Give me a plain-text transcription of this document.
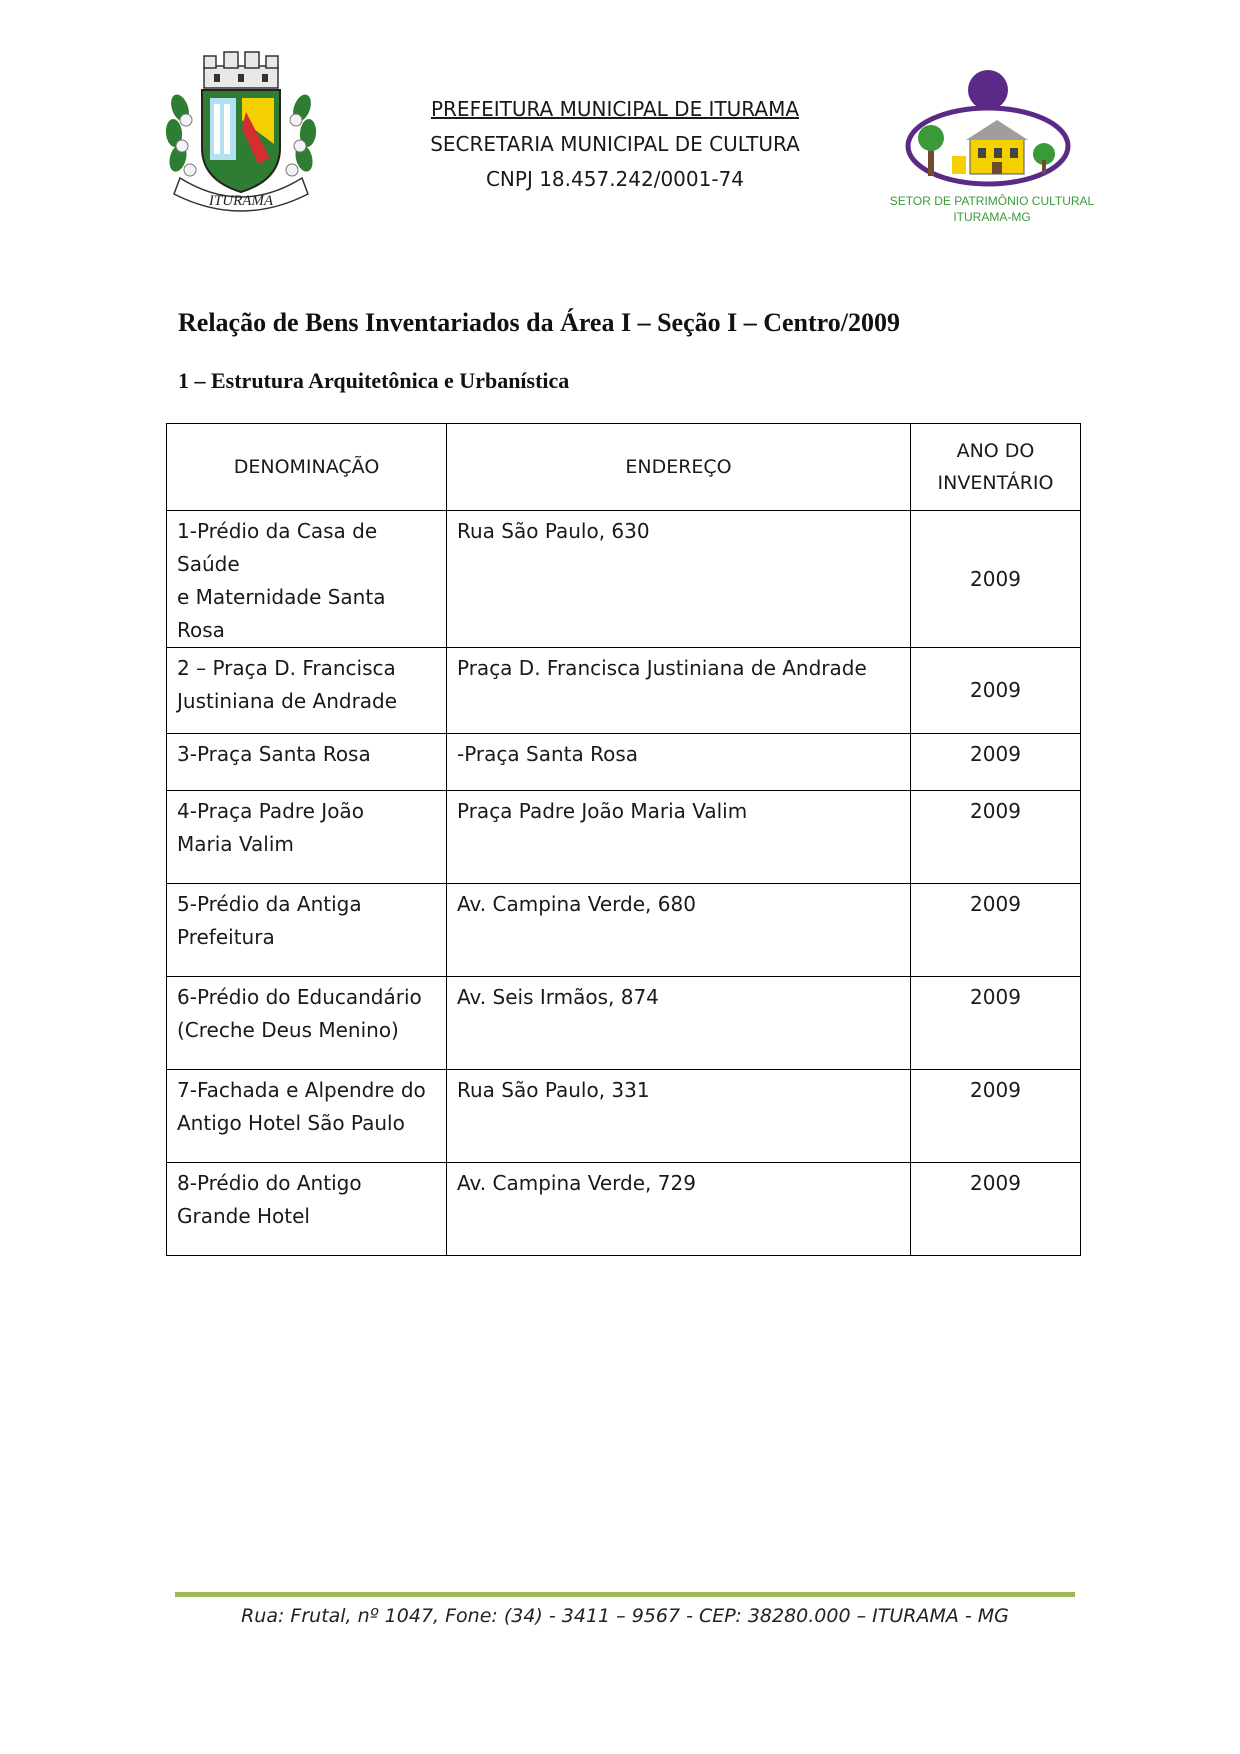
ITURAMA
PREFEITURA MUNICIPAL DE ITURAMA
SECRETARIA MUNICIPAL DE CULTURA
CNPJ 18.457.242/0001-74
SETOR DE PATRIMÔNIO CULTURAL
ITURAMA-MG
Relação de Bens Inventariados da Área I – Seção I – Centro/2009
1 – Estrutura Arquitetônica e Urbanística
DENOMINAÇÃO	ENDEREÇO	ANO DO
INVENTÁRIO

1-Prédio da Casa de Saúde
e Maternidade Santa Rosa	Rua São Paulo, 630	2009

2 – Praça D. Francisca
Justiniana de Andrade	Praça D. Francisca Justiniana de Andrade	2009
3-Praça Santa Rosa	-Praça Santa Rosa	2009

4-Praça Padre João
Maria Valim	Praça Padre João Maria Valim	2009

5-Prédio da Antiga
Prefeitura	Av. Campina Verde, 680	2009

6-Prédio do Educandário
(Creche Deus Menino)	Av. Seis Irmãos, 874	2009

7-Fachada e Alpendre do
Antigo Hotel São Paulo	Rua São Paulo, 331	2009

8-Prédio do Antigo
Grande Hotel	Av. Campina Verde, 729	2009
Rua: Frutal, nº 1047, Fone: (34) - 3411 – 9567 - CEP: 38280.000 – ITURAMA - MG
